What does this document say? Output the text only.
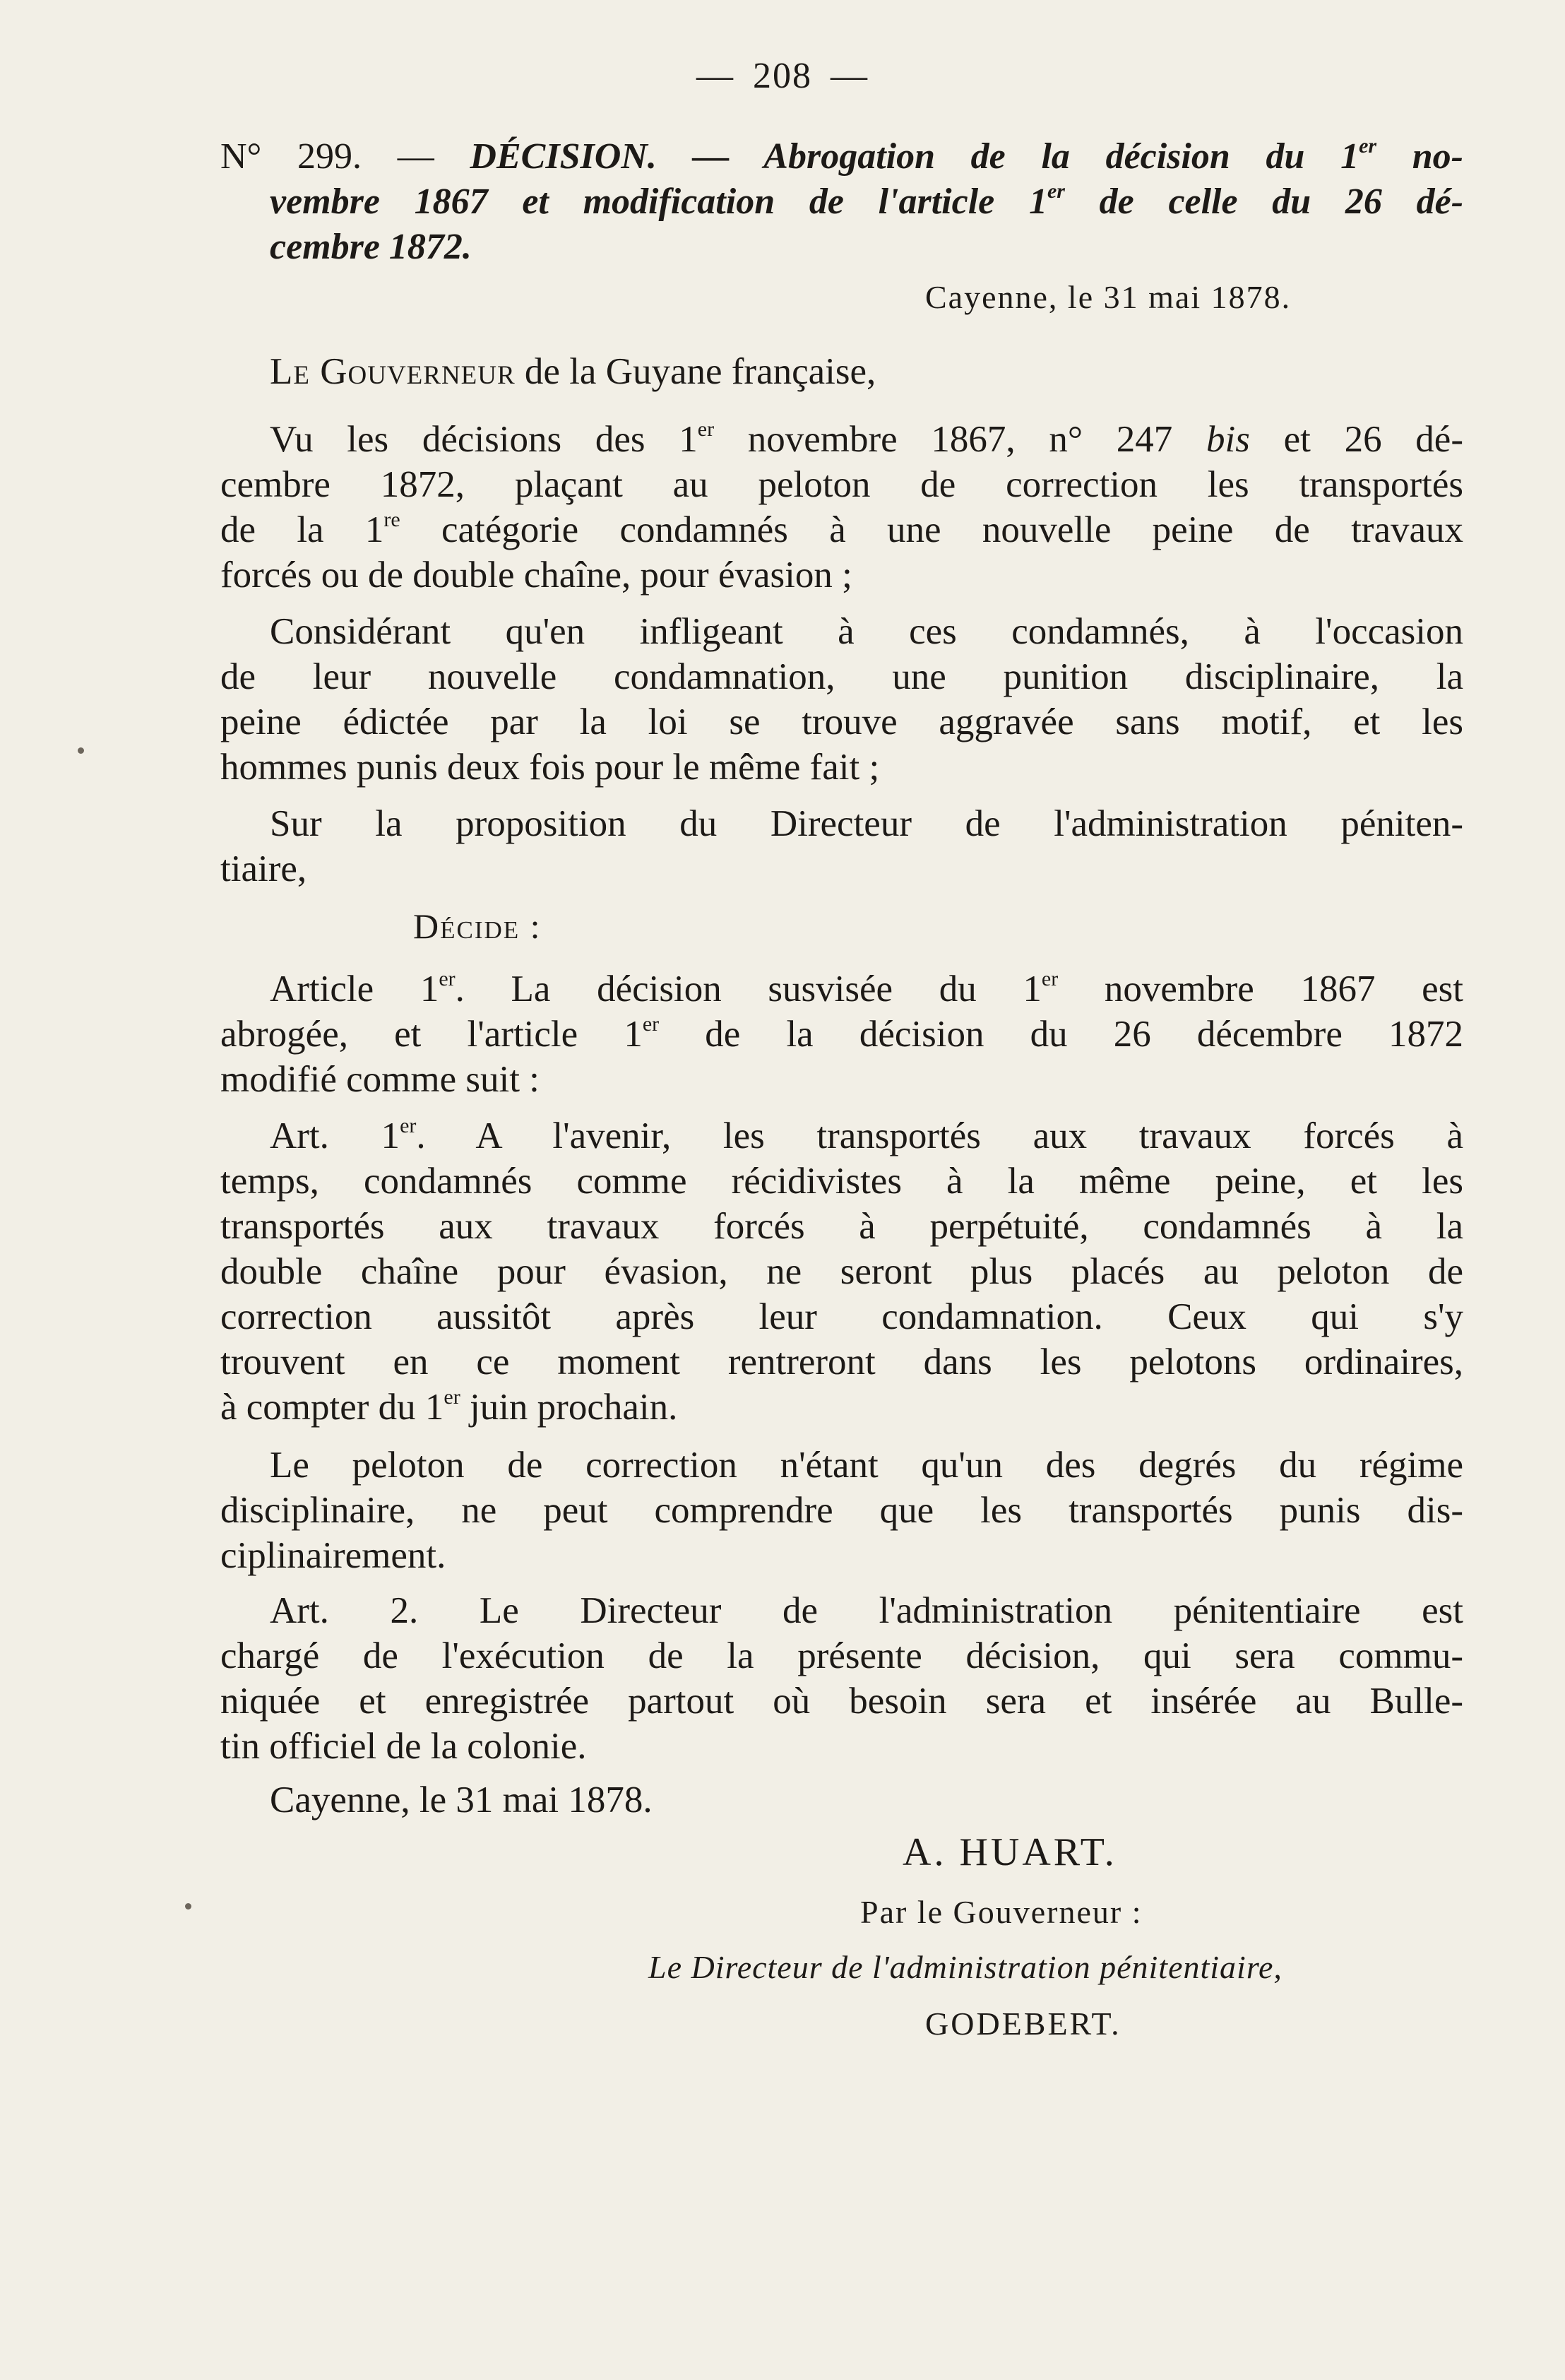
— 208 —
N° 299. — DÉCISION. — Abrogation de la décision du 1er no-
vembre 1867 et modification de l'article 1er de celle du 26 dé-
cembre 1872.
Cayenne, le 31 mai 1878.
Le Gouverneur de la Guyane française,
Vu les décisions des 1er novembre 1867, n° 247 bis et 26 dé-
cembre 1872, plaçant au peloton de correction les transportés
de la 1re catégorie condamnés à une nouvelle peine de travaux
forcés ou de double chaîne, pour évasion ;
Considérant qu'en infligeant à ces condamnés, à l'occasion
de leur nouvelle condamnation, une punition disciplinaire, la
peine édictée par la loi se trouve aggravée sans motif, et les
hommes punis deux fois pour le même fait ;
Sur la proposition du Directeur de l'administration péniten-
tiaire,
Décide :
Article 1er. La décision susvisée du 1er novembre 1867 est
abrogée, et l'article 1er de la décision du 26 décembre 1872
modifié comme suit :
Art. 1er. A l'avenir, les transportés aux travaux forcés à
temps, condamnés comme récidivistes à la même peine, et les
transportés aux travaux forcés à perpétuité, condamnés à la
double chaîne pour évasion, ne seront plus placés au peloton de
correction aussitôt après leur condamnation. Ceux qui s'y
trouvent en ce moment rentreront dans les pelotons ordinaires,
à compter du 1er juin prochain.
Le peloton de correction n'étant qu'un des degrés du régime
disciplinaire, ne peut comprendre que les transportés punis dis-
ciplinairement.
Art. 2. Le Directeur de l'administration pénitentiaire est
chargé de l'exécution de la présente décision, qui sera commu-
niquée et enregistrée partout où besoin sera et insérée au Bulle-
tin officiel de la colonie.
Cayenne, le 31 mai 1878.
A. HUART.
Par le Gouverneur :
Le Directeur de l'administration pénitentiaire,
GODEBERT.
